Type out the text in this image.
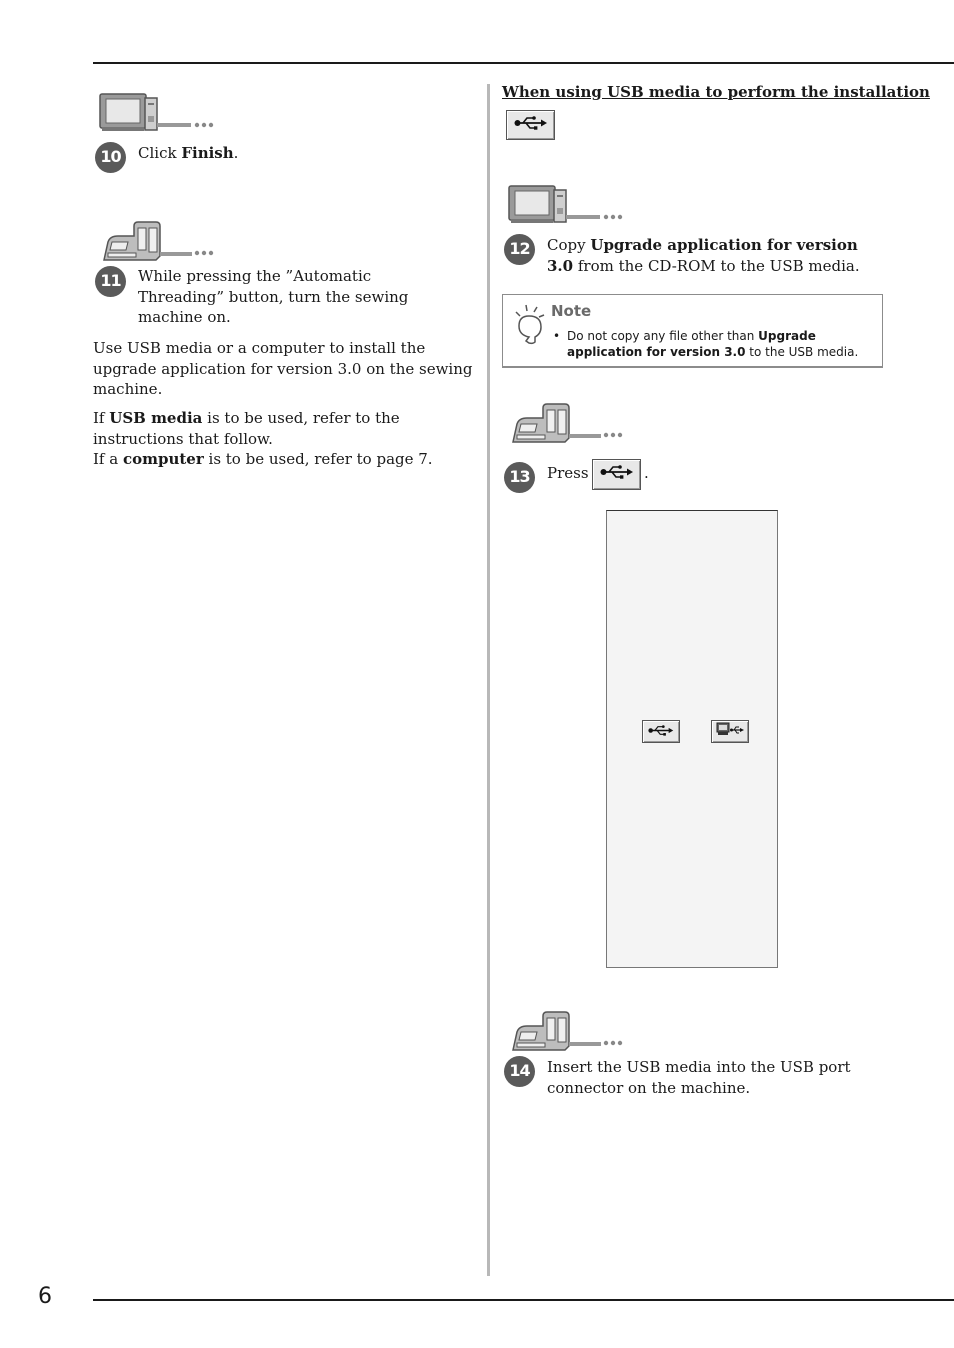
6
10	Click Finish.
11	While pressing the ”Automatic Threading” button, turn the sewing machine on.

Use USB media or a computer to install the upgrade application for version 3.0 on the sewing machine.

If USB media is to be used, refer to the instructions that follow.

If a computer is to be used, refer to page 7.

When using USB media to perform the installation
12	Copy Upgrade application for version 3.0 from the CD-ROM to the USB media.
Note
• Do not copy any file other than Upgrade application for version 3.0 to the USB media.
13	Press	.
14	Insert the USB media into the USB port connector on the machine.
